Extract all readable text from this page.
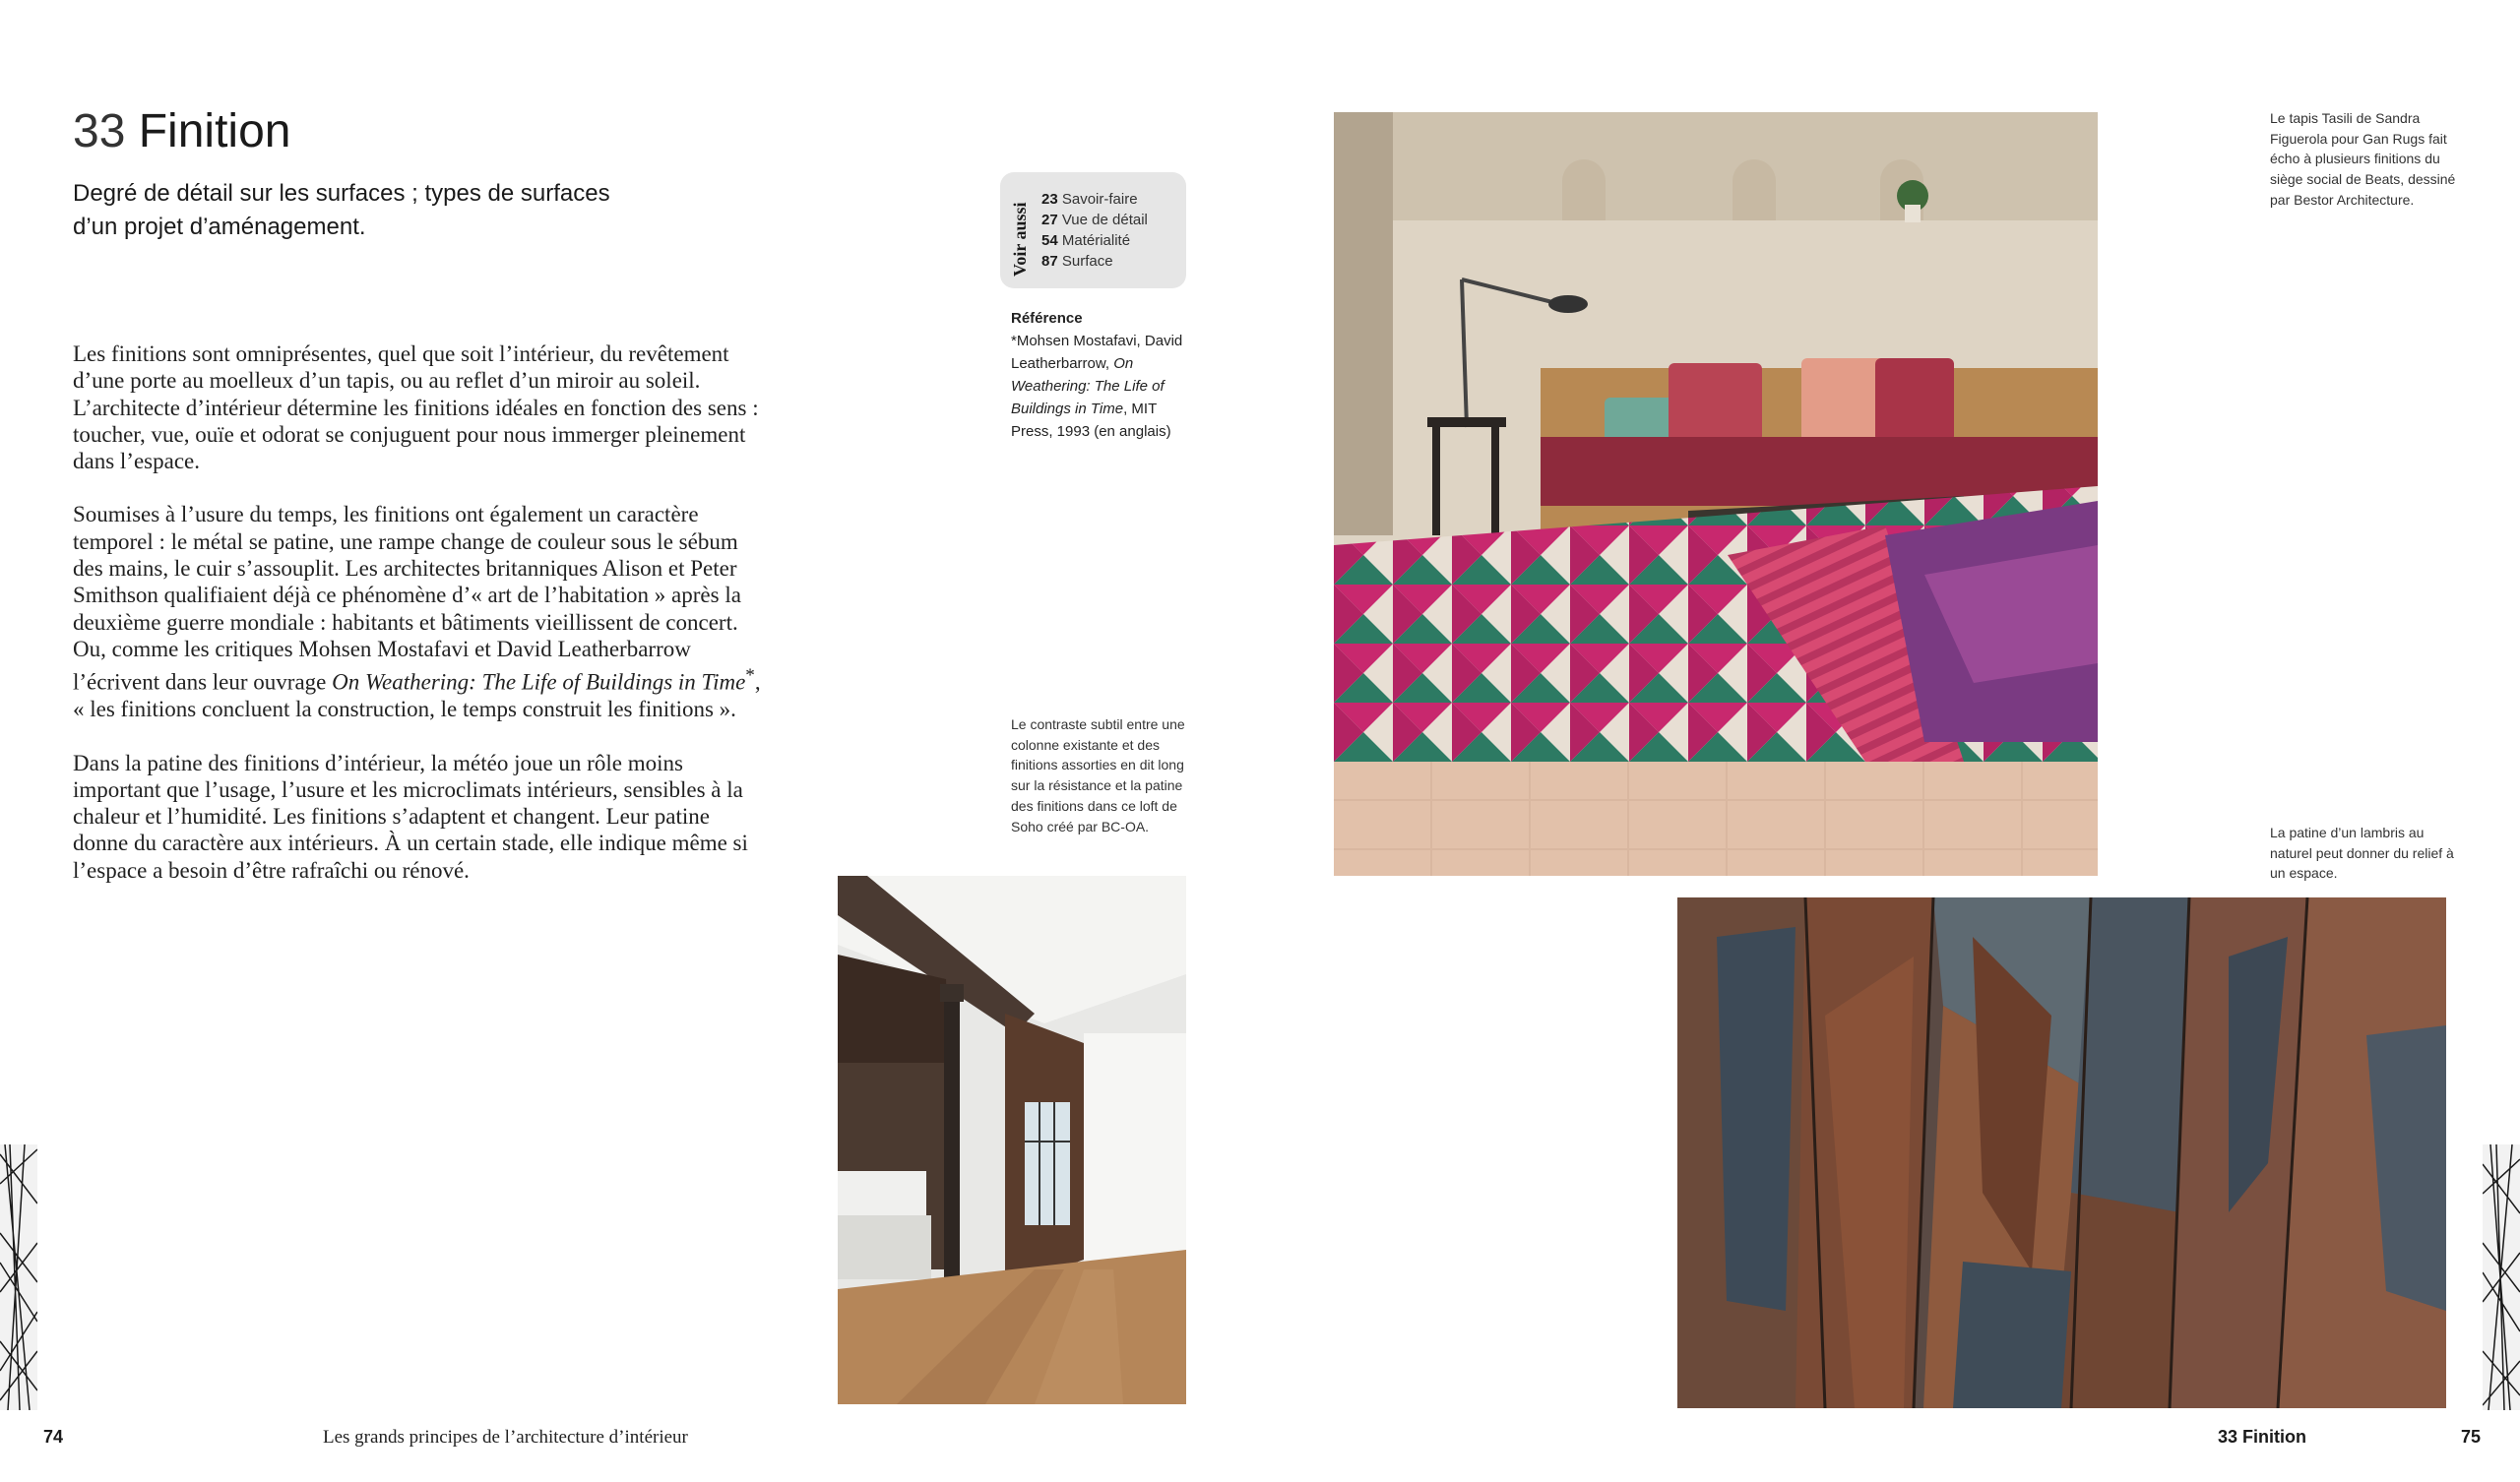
33 Finition
Degré de détail sur les surfaces ; types de surfaces
d’un projet d’aménagement.

Les finitions sont omniprésentes, quel que soit l’intérieur, du revêtement d’une porte au moelleux d’un tapis, ou au reflet d’un miroir au soleil. L’architecte d’intérieur détermine les finitions idéales en fonction des sens : toucher, vue, ouïe et odorat se conjuguent pour nous immerger pleinement dans l’espace.

Soumises à l’usure du temps, les finitions ont également un caractère temporel : le métal se patine, une rampe change de couleur sous le sébum des mains, le cuir s’assouplit. Les architectes britanniques Alison et Peter Smithson qualifiaient déjà ce phénomène d’« art de l’habitation » après la deuxième guerre mondiale : habitants et bâtiments vieillissent de concert. Ou, comme les critiques Mohsen Mostafavi et David Leatherbarrow l’écrivent dans leur ouvrage On Weathering: The Life of Buildings in Time*, « les finitions concluent la construction, le temps construit les finitions ».

Dans la patine des finitions d’intérieur, la météo joue un rôle moins important que l’usage, l’usure et les microclimats intérieurs, sensibles à la chaleur et l’humidité. Les finitions s’adaptent et changent. Leur patine donne du caractère aux intérieurs. À un certain stade, elle indique même si l’espace a besoin d’être rafraîchi ou rénové.

Voir aussi
23 Savoir-faire
27 Vue de détail
54 Matérialité
87 Surface
Référence
*Mohsen Mostafavi, David Leatherbarrow, On Weathering: The Life of Buildings in Time, MIT Press, 1993 (en anglais)
Le contraste subtil entre une colonne existante et des finitions assorties en dit long sur la résistance et la patine des finitions dans ce loft de Soho créé par BC-OA.
Le tapis Tasili de Sandra Figuerola pour Gan Rugs fait écho à plusieurs finitions du siège social de Beats, dessiné par Bestor Architecture.
La patine d’un lambris au naturel peut donner du relief à un espace.
74	Les grands principes de l’architecture d’intérieur	33 Finition	75
